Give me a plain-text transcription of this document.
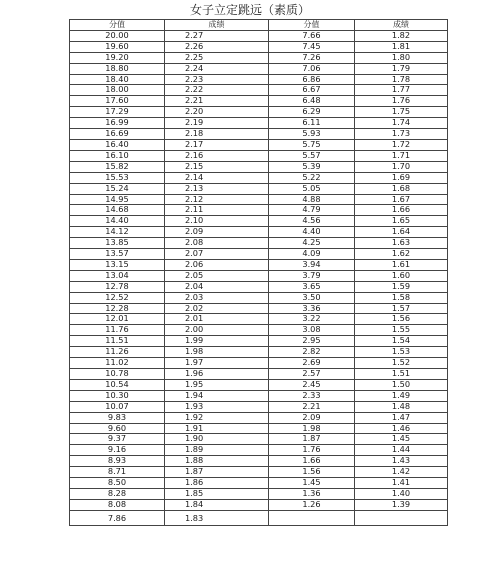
女子立定跳远（素质）
分值	成绩	分值	成绩
20.00	2.27	7.66	1.82
19.60	2.26	7.45	1.81
19.20	2.25	7.26	1.80
18.80	2.24	7.06	1.79
18.40	2.23	6.86	1.78
18.00	2.22	6.67	1.77
17.60	2.21	6.48	1.76
17.29	2.20	6.29	1.75
16.99	2.19	6.11	1.74
16.69	2.18	5.93	1.73
16.40	2.17	5.75	1.72
16.10	2.16	5.57	1.71
15.82	2.15	5.39	1.70
15.53	2.14	5.22	1.69
15.24	2.13	5.05	1.68
14.95	2.12	4.88	1.67
14.68	2.11	4.79	1.66
14.40	2.10	4.56	1.65
14.12	2.09	4.40	1.64
13.85	2.08	4.25	1.63
13.57	2.07	4.09	1.62
13.15	2.06	3.94	1.61
13.04	2.05	3.79	1.60
12.78	2.04	3.65	1.59
12.52	2.03	3.50	1.58
12.28	2.02	3.36	1.57
12.01	2.01	3.22	1.56
11.76	2.00	3.08	1.55
11.51	1.99	2.95	1.54
11.26	1.98	2.82	1.53
11.02	1.97	2.69	1.52
10.78	1.96	2.57	1.51
10.54	1.95	2.45	1.50
10.30	1.94	2.33	1.49
10.07	1.93	2.21	1.48
9.83	1.92	2.09	1.47
9.60	1.91	1.98	1.46
9.37	1.90	1.87	1.45
9.16	1.89	1.76	1.44
8.93	1.88	1.66	1.43
8.71	1.87	1.56	1.42
8.50	1.86	1.45	1.41
8.28	1.85	1.36	1.40
8.08	1.84	1.26	1.39
7.86	1.83		
